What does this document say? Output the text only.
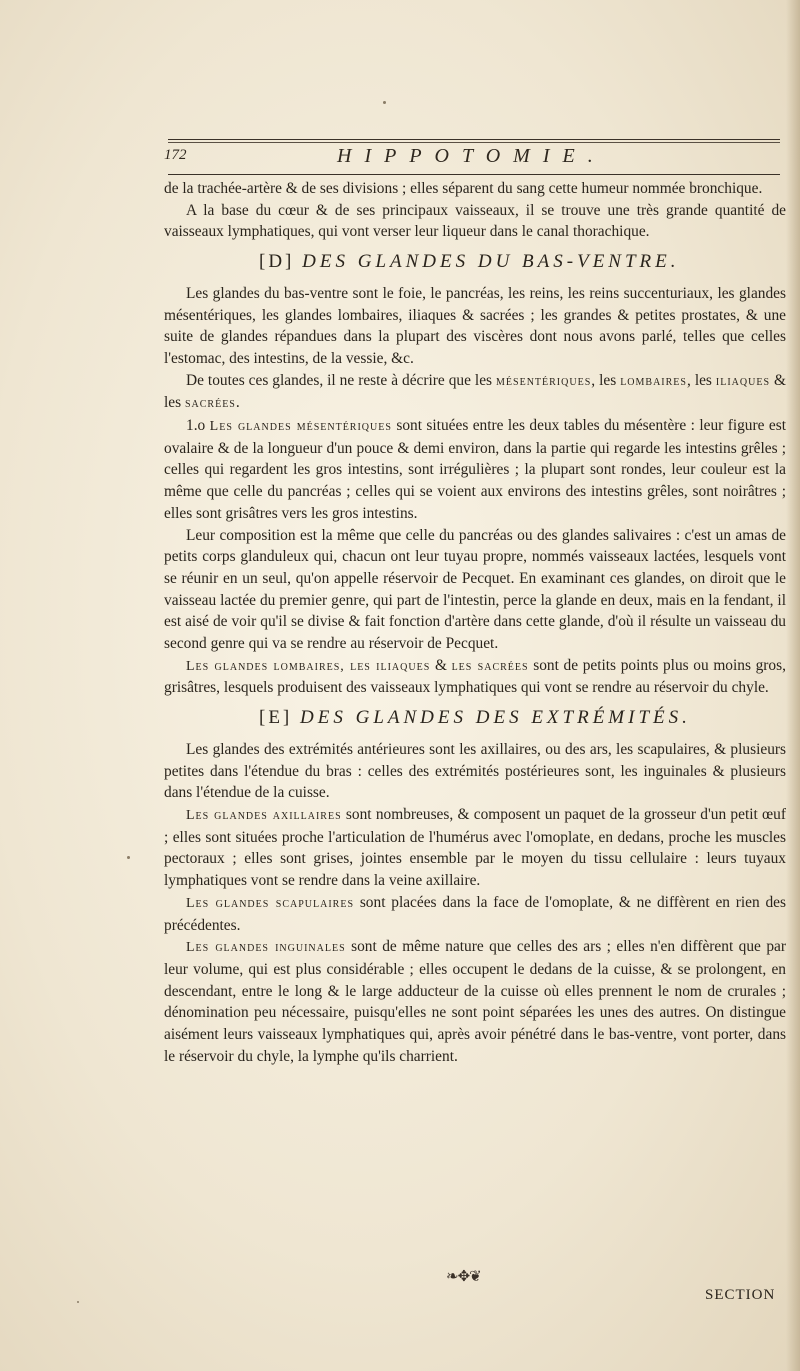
172	HIPPOTOMIE.

de la trachée-artère & de ses divisions ; elles séparent du sang cette humeur nommée bronchique.

A la base du cœur & de ses principaux vaisseaux, il se trouve une très grande quantité de vaisseaux lymphatiques, qui vont verser leur liqueur dans le canal thorachique.

[D] DES GLANDES DU BAS-VENTRE.

Les glandes du bas-ventre sont le foie, le pancréas, les reins, les reins succenturiaux, les glandes mésentériques, les glandes lombaires, iliaques & sacrées ; les grandes & petites prostates, & une suite de glandes répandues dans la plupart des viscères dont nous avons parlé, telles que celles l'estomac, des intestins, de la vessie, &c.

De toutes ces glandes, il ne reste à décrire que les mésentériques, les lombaires, les iliaques & les sacrées.

1.o Les glandes mésentériques sont situées entre les deux tables du mésentère : leur figure est ovalaire & de la longueur d'un pouce & demi environ, dans la partie qui regarde les intestins grêles ; celles qui regardent les gros intestins, sont irrégulières ; la plupart sont rondes, leur couleur est la même que celle du pancréas ; celles qui se voient aux environs des intestins grêles, sont noirâtres ; elles sont grisâtres vers les gros intestins.

Leur composition est la même que celle du pancréas ou des glandes salivaires : c'est un amas de petits corps glanduleux qui, chacun ont leur tuyau propre, nommés vaisseaux lactées, lesquels vont se réunir en un seul, qu'on appelle réservoir de Pecquet. En examinant ces glandes, on diroit que le vaisseau lactée du premier genre, qui part de l'intestin, perce la glande en deux, mais en la fendant, il est aisé de voir qu'il se divise & fait fonction d'artère dans cette glande, d'où il résulte un vaisseau du second genre qui va se rendre au réservoir de Pecquet.

Les glandes lombaires, les iliaques & les sacrées sont de petits points plus ou moins gros, grisâtres, lesquels produisent des vaisseaux lymphatiques qui vont se rendre au réservoir du chyle.

[E] DES GLANDES DES EXTRÉMITÉS.

Les glandes des extrémités antérieures sont les axillaires, ou des ars, les scapulaires, & plusieurs petites dans l'étendue du bras : celles des extrémités postérieures sont, les inguinales & plusieurs dans l'étendue de la cuisse.

Les glandes axillaires sont nombreuses, & composent un paquet de la grosseur d'un petit œuf ; elles sont situées proche l'articulation de l'humérus avec l'omoplate, en dedans, proche les muscles pectoraux ; elles sont grises, jointes ensemble par le moyen du tissu cellulaire : leurs tuyaux lymphatiques vont se rendre dans la veine axillaire.

Les glandes scapulaires sont placées dans la face de l'omoplate, & ne diffèrent en rien des précédentes.

Les glandes inguinales sont de même nature que celles des ars ; elles n'en diffèrent que par leur volume, qui est plus considérable ; elles occupent le dedans de la cuisse, & se prolongent, en descendant, entre le long & le large adducteur de la cuisse où elles prennent le nom de crurales ; dénomination peu nécessaire, puisqu'elles ne sont point séparées les unes des autres. On distingue aisément leurs vaisseaux lymphatiques qui, après avoir pénétré dans le bas-ventre, vont porter, dans le réservoir du chyle, la lymphe qu'ils charrient.

❧✥❦
SECTION
